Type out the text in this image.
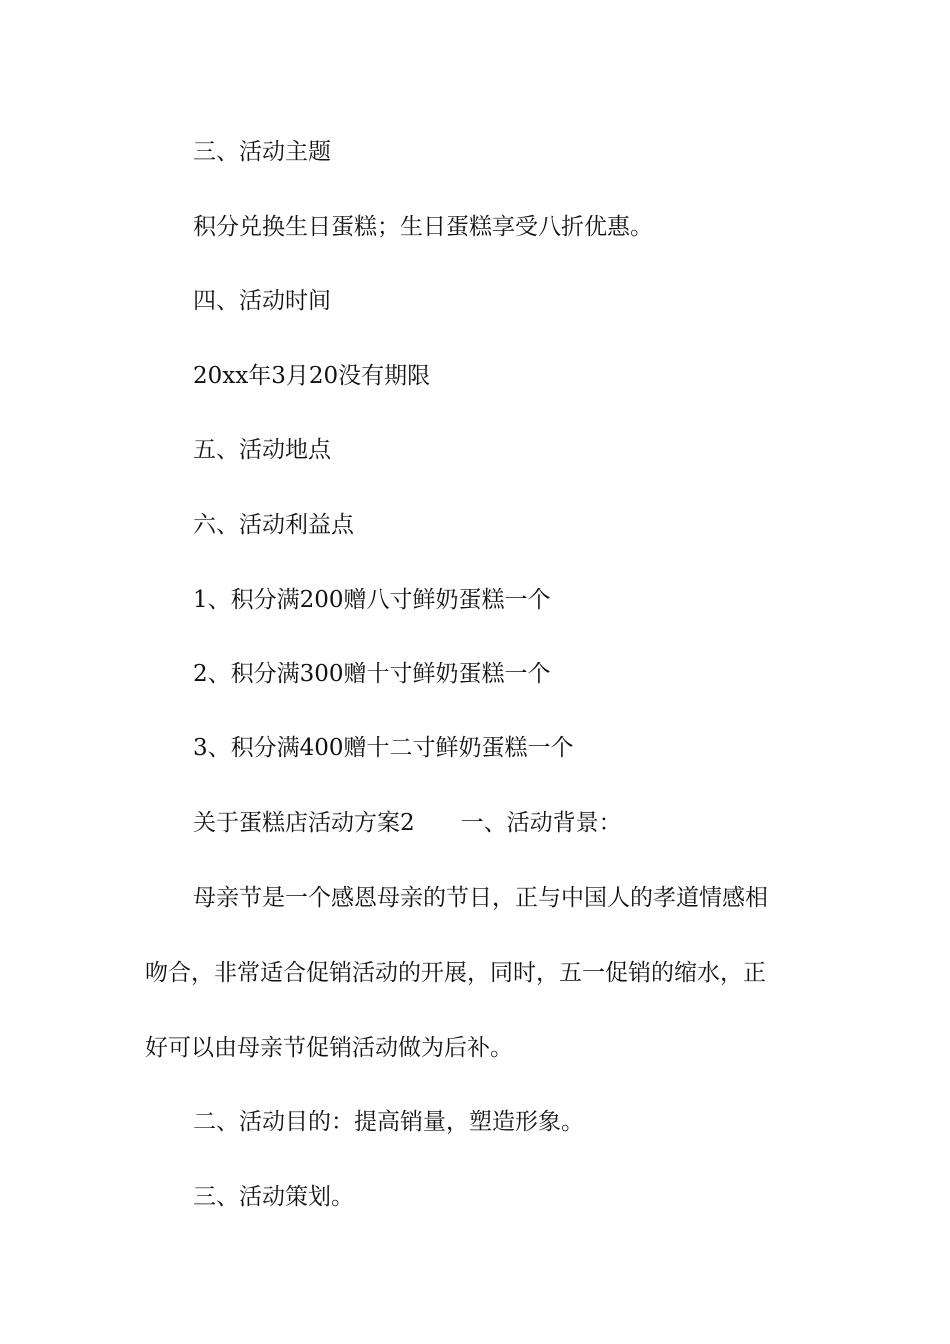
三、活动主题
积分兑换生日蛋糕；生日蛋糕享受八折优惠。
四、活动时间
20xx年3月20没有期限
五、活动地点
六、活动利益点
1、积分满200赠八寸鲜奶蛋糕一个
2、积分满300赠十寸鲜奶蛋糕一个
3、积分满400赠十二寸鲜奶蛋糕一个
关于蛋糕店活动方案2 一、活动背景：
母亲节是一个感恩母亲的节日，正与中国人的孝道情感相
吻合，非常适合促销活动的开展，同时，五一促销的缩水，正
好可以由母亲节促销活动做为后补。
二、活动目的：提高销量，塑造形象。
三、活动策划。
